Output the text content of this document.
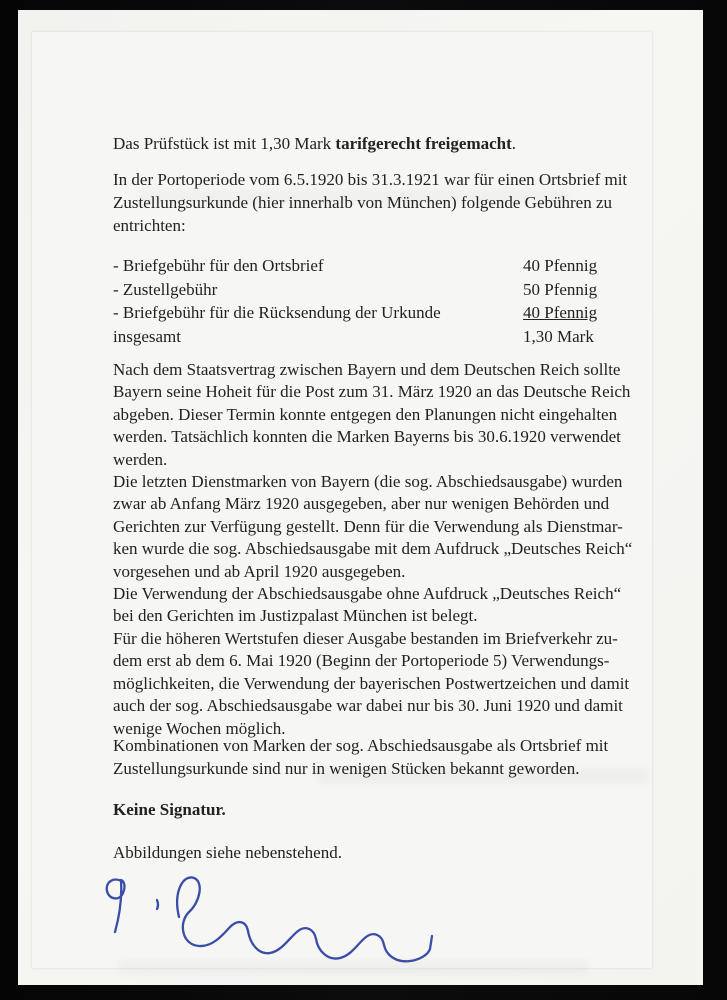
Das Prüfstück ist mit 1,30 Mark tarifgerecht freigemacht.
In der Portoperiode vom 6.5.1920 bis 31.3.1921 war für einen Ortsbrief mit
Zustellungsurkunde (hier innerhalb von München) folgende Gebühren zu
entrichten:
- Briefgebühr für den Ortsbrief	40 Pfennig
- Zustellgebühr	50 Pfennig
- Briefgebühr für die Rücksendung der Urkunde	40 Pfennig
insgesamt	1,30 Mark
Nach dem Staatsvertrag zwischen Bayern und dem Deutschen Reich sollte
Bayern seine Hoheit für die Post zum 31. März 1920 an das Deutsche Reich
abgeben. Dieser Termin konnte entgegen den Planungen nicht eingehalten
werden. Tatsächlich konnten die Marken Bayerns bis 30.6.1920 verwendet
werden.
Die letzten Dienstmarken von Bayern (die sog. Abschiedsausgabe) wurden
zwar ab Anfang März 1920 ausgegeben, aber nur wenigen Behörden und
Gerichten zur Verfügung gestellt. Denn für die Verwendung als Dienstmar-
ken wurde die sog. Abschiedsausgabe mit dem Aufdruck „Deutsches Reich“
vorgesehen und ab April 1920 ausgegeben.
Die Verwendung der Abschiedsausgabe ohne Aufdruck „Deutsches Reich“
bei den Gerichten im Justizpalast München ist belegt.
Für die höheren Wertstufen dieser Ausgabe bestanden im Briefverkehr zu-
dem erst ab dem 6. Mai 1920 (Beginn der Portoperiode 5) Verwendungs-
möglichkeiten, die Verwendung der bayerischen Postwertzeichen und damit
auch der sog. Abschiedsausgabe war dabei nur bis 30. Juni 1920 und damit
wenige Wochen möglich.
Kombinationen von Marken der sog. Abschiedsausgabe als Ortsbrief mit
Zustellungsurkunde sind nur in wenigen Stücken bekannt geworden.
Keine Signatur.
Abbildungen siehe nebenstehend.
